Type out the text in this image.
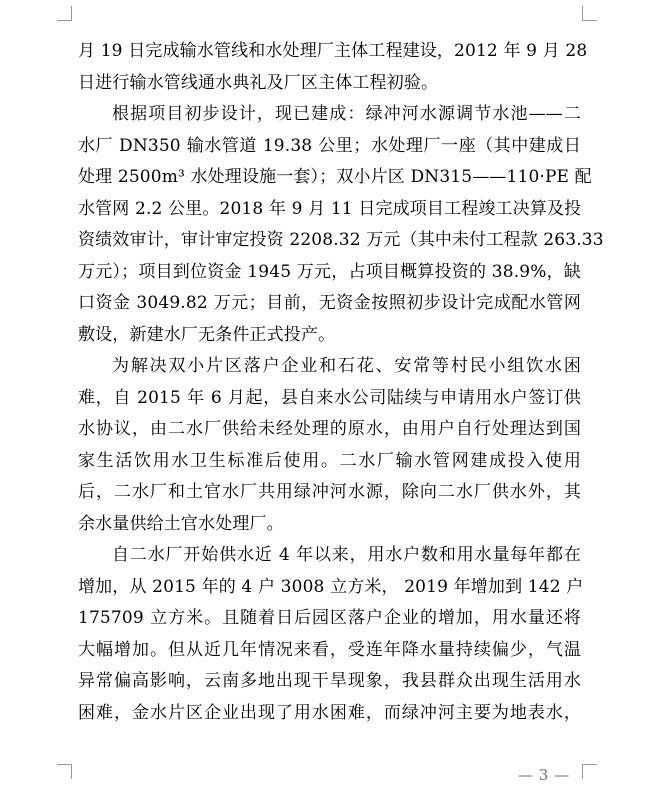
月 19 日完成输水管线和水处理厂主体工程建设，2012 年 9 月 28
日进行输水管线通水典礼及厂区主体工程初验。

根据项目初步设计，现已建成：绿冲河水源调节水池——二
水厂 DN350 输水管道 19.38 公里；水处理厂一座（其中建成日
处理 2500m³ 水处理设施一套）；双小片区 DN315——110·PE 配
水管网 2.2 公里。2018 年 9 月 11 日完成项目工程竣工决算及投
资绩效审计，审计审定投资 2208.32 万元（其中未付工程款 263.33
万元）；项目到位资金 1945 万元，占项目概算投资的 38.9%，缺
口资金 3049.82 万元；目前，无资金按照初步设计完成配水管网
敷设，新建水厂无条件正式投产。

为解决双小片区落户企业和石花、安常等村民小组饮水困
难，自 2015 年 6 月起，县自来水公司陆续与申请用水户签订供
水协议，由二水厂供给未经处理的原水，由用户自行处理达到国
家生活饮用水卫生标准后使用。二水厂输水管网建成投入使用
后，二水厂和土官水厂共用绿冲河水源，除向二水厂供水外，其
余水量供给土官水处理厂。

自二水厂开始供水近 4 年以来，用水户数和用水量每年都在
增加，从 2015 年的 4 户 3008 立方米， 2019 年增加到 142 户
175709 立方米。且随着日后园区落户企业的增加，用水量还将
大幅增加。但从近几年情况来看，受连年降水量持续偏少，气温
异常偏高影响，云南多地出现干旱现象，我县群众出现生活用水
困难，金水片区企业出现了用水困难，而绿冲河主要为地表水，

— 3 —
